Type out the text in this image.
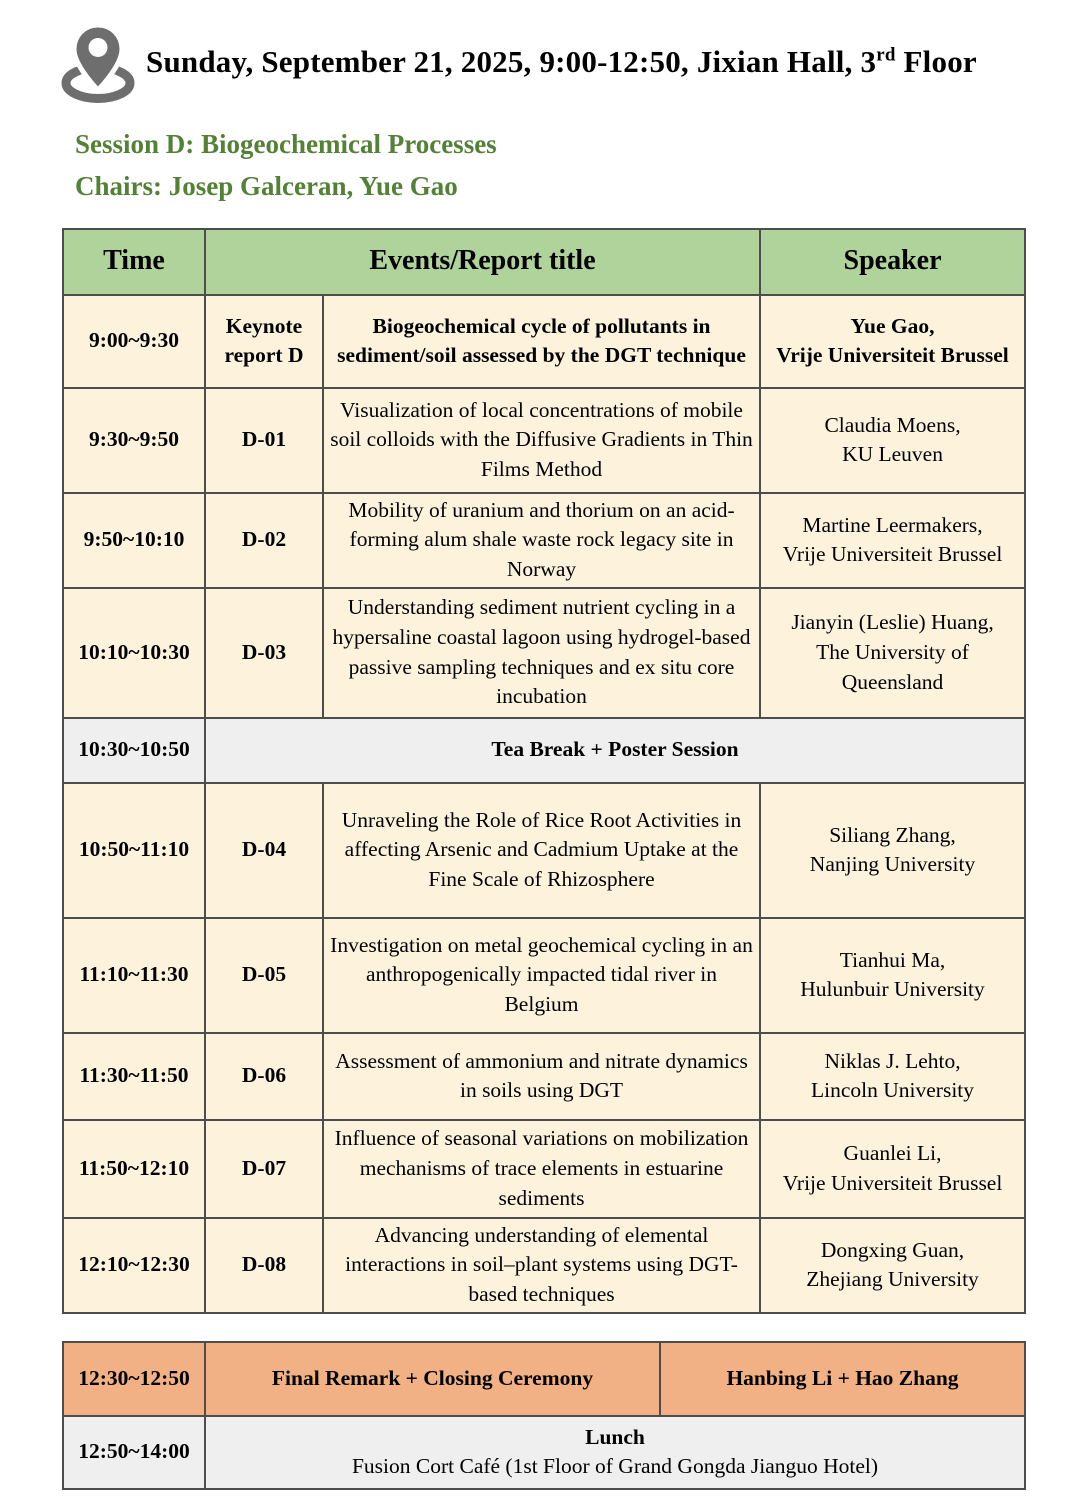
Sunday, September 21, 2025, 9:00-12:50, Jixian Hall, 3rd Floor
Session D: Biogeochemical Processes
Chairs: Josep Galceran, Yue Gao
Time	Events/Report title		Speaker
9:00~9:30	Keynote report D	Biogeochemical cycle of pollutants in sediment/soil assessed by the DGT technique	Yue Gao,
Vrije Universiteit Brussel

9:30~9:50	D-01	Visualization of local concentrations of mobile soil colloids with the Diffusive Gradients in Thin Films Method	Claudia Moens,
KU Leuven

9:50~10:10	D-02	Mobility of uranium and thorium on an acid-forming alum shale waste rock legacy site in Norway	Martine Leermakers,
Vrije Universiteit Brussel

10:10~10:30	D-03	Understanding sediment nutrient cycling in a hypersaline coastal lagoon using hydrogel-based passive sampling techniques and ex situ core incubation	Jianyin (Leslie) Huang,
The University of Queensland

10:30~10:50	Tea Break + Poster Session		
10:50~11:10	D-04	Unraveling the Role of Rice Root Activities in affecting Arsenic and Cadmium Uptake at the Fine Scale of Rhizosphere	Siliang Zhang,
Nanjing University

11:10~11:30	D-05	Investigation on metal geochemical cycling in an anthropogenically impacted tidal river in Belgium	Tianhui Ma,
Hulunbuir University

11:30~11:50	D-06	Assessment of ammonium and nitrate dynamics in soils using DGT	Niklas J. Lehto,
Lincoln University

11:50~12:10	D-07	Influence of seasonal variations on mobilization mechanisms of trace elements in estuarine sediments	Guanlei Li,
Vrije Universiteit Brussel

12:10~12:30	D-08	Advancing understanding of elemental interactions in soil–plant systems using DGT-based techniques	Dongxing Guan,
Zhejiang University
12:30~12:50	Final Remark + Closing Ceremony	Hanbing Li + Hao Zhang
12:50~14:00	Lunch
Fusion Cort Café (1st Floor of Grand Gongda Jianguo Hotel)	
